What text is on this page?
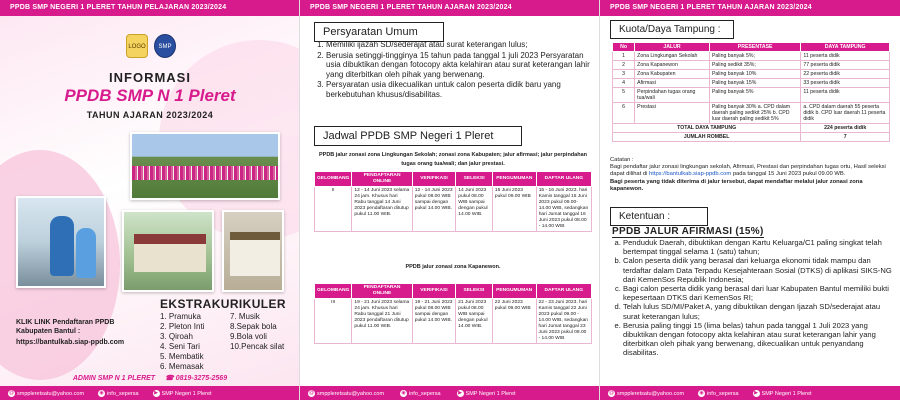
PPDB SMP NEGERI 1 PLERET TAHUN PELAJARAN 2023/2024
LOGO	SMP
INFORMASI
PPDB SMP N 1 Pleret
TAHUN AJARAN 2023/2024
EKSTRAKURIKULER
1. Pramuka	7. Musik
2. Pleton Inti	8.Sepak bola
3. Qiroah	9.Bola voli
4. Seni Tari	10.Pencak silat
5. Membatik
6. Memasak
KLIK LINK Pendaftaran PPDB Kabupaten Bantul :
https://bantulkab.siap-ppdb.com
ADMIN SMP N 1 PLERET ☎ 0819-3275-2569
@ smppleretsatu@yahoo.com	◉ info_sepersa	▶ SMP Negeri 1 Pleret
PPDB SMP NEGERI 1 PLERET TAHUN AJARAN 2023/2024
Persyaratan Umum
1. Memiliki ijazah SD/sederajat atau surat keterangan lulus;
2. Berusia setinggi-tingginya 15 tahun pada tanggal 1 juli 2023 Persyaratan usia dibuktikan dengan fotocopy akta kelahiran atau surat keterangan lahir yang diterbitkan oleh pihak yang berwenang.
3. Persyaratan usia dikecualikan untuk calon peserta didik baru yang berkebutuhan khusus/disabilitas.
Jadwal PPDB SMP Negeri 1 Pleret
PPDB jalur zonasi zona Lingkungan Sekolah; zonasi zona Kabupaten; jalur afirmasi; jalur perpindahan tugas orang tua/wali; dan jalur prestasi.
GELOMBANG	PENDAFTARAN ONLINE	VERIFIKASI	SELEKSI	PENGUMUMAN	DAFTAR ULANG
II	12 - 14 Juni 2023 selama 24 jam. Khusus hari Rabu tanggal 14 Juni 2023 pendaftaran ditutup pukul 11.00 WIB.	12 - 14 Juni 2023 pukul 08.00 WIB sampai dengan pukul 14.00 WIB.	14 Juni 2023 pukul 08.00 WIB sampai dengan pukul 14.00 WIB.	15 Juni 2023 pukul 09.00 WIB	15 - 16 Juni 2023. hari Kamis tanggal 15 Juni 2023 pukul 09.00-14.00 WIB, sedangkan hari Jumat tanggal 16 Juni 2023 pukul 08.00 - 14.00 WIB
PPDB jalur zonasi zona Kapanewon.
GELOMBANG	PENDAFTARAN ONLINE	VERIFIKASI	SELEKSI	PENGUMUMAN	DAFTAR ULANG
III	19 - 21 Juni 2023 selama 24 jam. Khusus hari Rabu tanggal 21 Juni 2023 pendaftaran ditutup pukul 11.00 WIB.	19 - 21 Juni 2023 pukul 08.00 WIB sampai dengan pukul 14.00 WIB.	21 Juni 2023 pukul 08.00 WIB sampai dengan pukul 14.00 WIB.	22 Juni 2023 pukul 09.00 WIB	22 - 23 Juni 2023. hari Kamis tanggal 22 Juni 2023 pukul 09.00 - 14.00 WIB, sedangkan hari Jumat tanggal 23 Juni 2023 pukul 08.00 - 14.00 WIB
@ smppleretsatu@yahoo.com	◉ info_sepersa	▶ SMP Negeri 1 Pleret
PPDB SMP NEGERI 1 PLERET TAHUN AJARAN 2023/2024
Kuota/Daya Tampung :
No	JALUR	PRESENTASE	DAYA TAMPUNG
1	Zona Lingkungan Sekolah	Paling banyak 5%;	11 peserta didik
2	Zona Kapanewon	Paling sedikit 35%;	77 peserta didik
3	Zona Kabupaten	Paling banyak 10%	22 peserta didik
4	Afirmasi	Paling banyak 15%	33 peserta didik
5	Perpindahan tugas orang tua/wali	Paling banyak 5%	11 peserta didik
6	Prestasi	Paling banyak 30% a. CPD dalam daerah paling sedikit 25% b. CPD luar daerah paling sedikit 5%	a. CPD dalam daerah 55 peserta didik b. CPD luar daerah 11 peserta didik
TOTAL DAYA TAMPUNG			224 peserta didik
JUMLAH ROMBEL			7
Catatan :
Bagi pendaftar jalur zonasi lingkungan sekolah, Afirmasi, Prestasi dan perpindahan tugas ortu, Hasil seleksi dapat dilihat di https://bantulkab.siap-ppdb.com pada tanggal 15 Juni 2023 pukul 09.00 WB.
Bagi peserta yang tidak diterima di jalur tersebut, dapat mendaftar melalui jalur zonasi zona kapanewon.
Ketentuan :
PPDB JALUR AFIRMASI (15%)
a. Penduduk Daerah, dibuktikan dengan Kartu Keluarga/C1 paling singkat telah bertempat tinggal selama 1 (satu) tahun;
b. Calon peserta didik yang berasal dari keluarga ekonomi tidak mampu dan terdaftar dalam Data Terpadu Kesejahteraan Sosial (DTKS) di aplikasi SIKS-NG dari KemenSos Republik Indonesia;
c. Bagi calon peserta didik yang berasal dari luar Kabupaten Bantul memiliki bukti kepesertaan DTKS dari KemenSos RI;
d. Telah lulus SD/MI/Paket A, yang dibuktikan dengan Ijazah SD/sederajat atau surat keterangan lulus;
e. Berusia paling tinggi 15 (lima belas) tahun pada tanggal 1 Juli 2023 yang dibuktikan dengan fotocopy akta kelahiran atau surat keterangan lahir yang diterbitkan oleh pihak yang berwenang, dikecualikan untuk penyandang disabilitas.
@ smppleretsatu@yahoo.com	◉ info_sepersa	▶ SMP Negeri 1 Pleret
